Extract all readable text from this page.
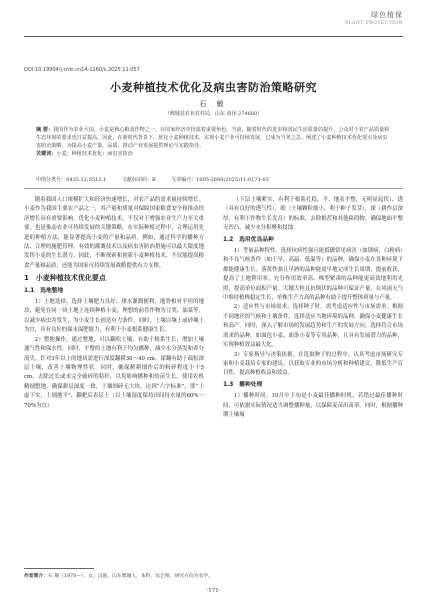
绿色植保
PLANT PROTECTION
DOI:10.19904/j.cnki.cn14-1160/s.2025.11.057
小麦种植技术优化及病虫害防治策略研究
石 敏
（鄄城县农业农村局，山东 菏泽 274600）
摘 要：我国作为农业大国，小麦是核心粮食作物之一，在国家经济中扮演着重要角色。当前，随着时代的进步和国民生活质量的提升，公众对于农产品质量和生态环境的要求也日益提高，因此，在新时代背景下，优化小麦种植技术，实现小麦产业可持续发展，已成为当务之急。阐述了小麦种植技术优化要点及病虫害防治策略，为提高小麦产量、品质，推动产业发展提供理论与实践指导。
关键词：小麦；种植技术优化；病虫害防治
中图分类号：S435.12;S512.1	文献标识码：B	文章编号：1005-2690(2025)11-0171-03

随着我国人口规模扩大和经济快速增长，对农产品的需求量持续增长。小麦作为我国主要农产品之一，其产量和质量对保障国家粮食安全和推动经济增长具有重要影响。优化小麦种植技术，不仅对于增强农业生产力至关重要，也是推动农业可持续发展的关键策略。在实际种植过程中，合理运用先进的种植方法，能显著提高小麦的产量和品质。例如，通过科学的播种方法、合理的施肥管理、有效的灌溉技术以及病虫害防治措施可以最大限度地发挥小麦的生长潜力。因此，不断探索和创新小麦种植技术，不仅能提高粮食产量和品质，还能为国家可持续发展战略提供有力支撑。

1　小麦种植技术优化要点
1.1　选地整地

1）土地选择。选择土壤肥力良好、排水灌溉便利、地势相对平坦的地块，避免在同一块土地上连续种植小麦，理想的前茬作物为豆类、油菜等，以减少病虫害发生，为小麦生长创造有力条件。同时，土壤以壤土或砂壤土为宜，具有良好的保水保肥能力，有利于小麦根系健康生长。

2）整地操作。通过整地，可以翻松土壤，有助于根系生长；增加土壤通气性和保水性。同时，平整的土地有利于均匀播种，减少水分蒸发和养分流失。针对3年以上的地块需进行深度翻耕30～40 cm，深翻有助于疏松深层土壤，改善土壤物理性状。同时，确保精耕细作后的粉碎程度小于5 cm，去除过长或未完全破碎的秸秆，以免影响播种和幼苗生长。使用农机精细整地，确保耕层深度一致，土壤细碎无大块，达到“六字标准”，即“上虚下实，土细地平”，翻耙后表层土（以土壤湿度保持田间持水量的60%～70%为宜）

（下层土壤紧实，有利于根系扎稳，平、地表平整，无明显起伏），透（具有良好的透气性），细（土壤颗粒细小，利于种子发芽），深（耕作层深厚，有利于作物生长发育）的标准，去除根茬和其他障碍物，确保地面平整无凹凸，减少水分积聚和侵蚀。

1.2　选用优良品种

1）考量品种特性。选择抗病性强且能抵御常见病害（如锈病、白粉病）和不良气候条件（如干旱、高温、低温等）的品种，确保小麦在各种环境下都能健康生长。落黄性强且早熟的品种能更早地完成生长周期，提前收获，提高了土地利用率。充分作用效率高、株型紧凑的品种能更高效地利用光照，提高单位面积产量。大穗大粒且抗倒伏的品种可保证产量，在风雨天气中维持植株稳定生长，单株生产力高的品种有助于提升整体质量与产量。

2）适应性与市场需求。选择种子时，需考虑适应性与市场需求。根据不同地区的气候和土壤条件，选择适应当地环境的品种，确保小麦健康生长和高产。同时，深入了解市场的发展趋势和生产的发展方向，选择符合市场需求的品种，如面包小麦、面条小麦等专用品种，且具有发展潜力的品种，实现种植效益最大化。

3）专家指导与决策依据。在选取种子的过程中，认真考虑市场研究专家和小麦栽培专家的建议，以获取专业的市场分析和种植建议，降低生产盲目性，提高种植收益和效益。

1.3　播种处理

1）播种时间。10月中下旬是小麦最佳播种时机，若错过最佳播种时间，可依据实际情况适当调整播种量，以保障麦苗出苗率。同时，根据播种期土壤墒

作者简介：石 敏（1978—），女，汉族，山东鄄城人，本科，农艺师，研究方向为农学。
·171·
